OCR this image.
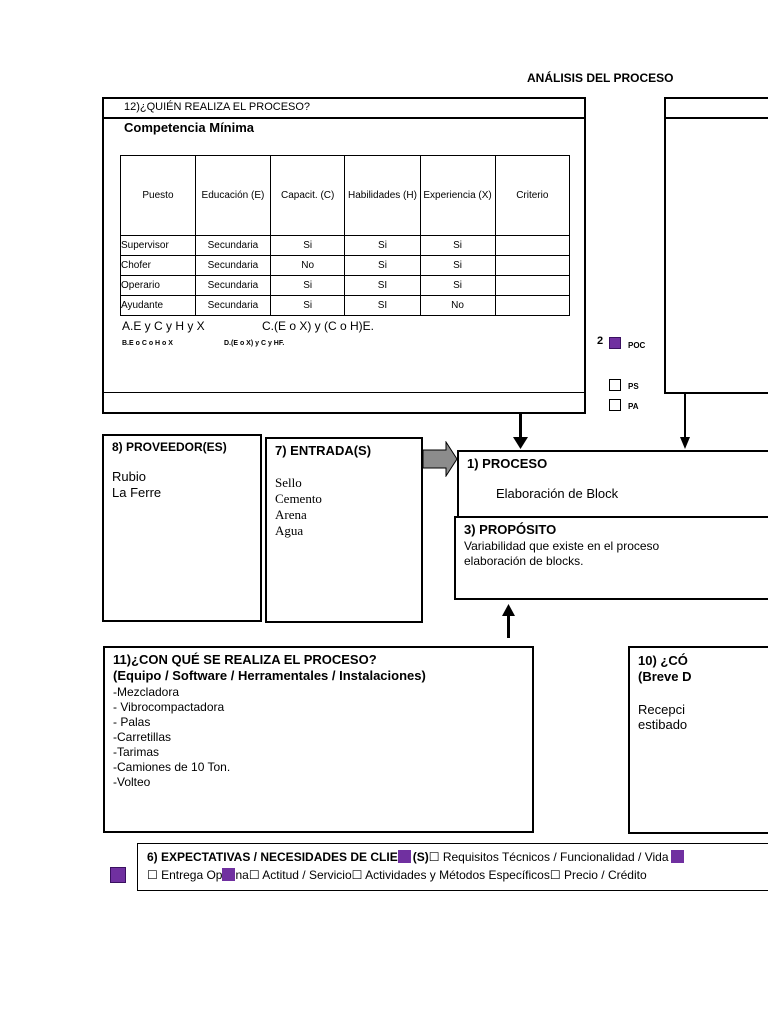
ANÁLISIS DEL PROCESO
12)¿QUIÉN REALIZA EL PROCESO?
Competencia Mínima
Puesto	Educación (E)	Capacit. (C)	Habilidades (H)	Experiencia (X)	Criterio
Supervisor	Secundaria	Si	Si	Si	
Chofer	Secundaria	No	Si	Si	
Operario	Secundaria	Si	SI	Si	
Ayudante	Secundaria	Si	SI	No	
A.E y C y H y X	C.(E o X) y (C o H)E.
B.E o C o H o X	D.(E o X) y C y HF.	2	POC
PS
PA
8) PROVEEDOR(ES)
Rubio
La Ferre
7) ENTRADA(S)
Sello
Cemento
Arena
Agua
1) PROCESO
Elaboración de Block
3) PROPÓSITO
Variabilidad que existe en el proceso
elaboración de blocks.
11)¿CON QUÉ SE REALIZA EL PROCESO?
(Equipo / Software / Herramentales / Instalaciones)
-Mezcladora
- Vibrocompactadora
- Palas
-Carretillas
-Tarimas
-Camiones de 10 Ton.
-Volteo
10) ¿CÓ
(Breve D
Recepci
estibado
6) EXPECTATIVAS / NECESIDADES DE CLIE (S)☐ Requisitos Técnicos / Funcionalidad / Vida
☐ Entrega Op na☐ Actitud / Servicio☐ Actividades y Métodos Específicos☐ Precio / Crédito
